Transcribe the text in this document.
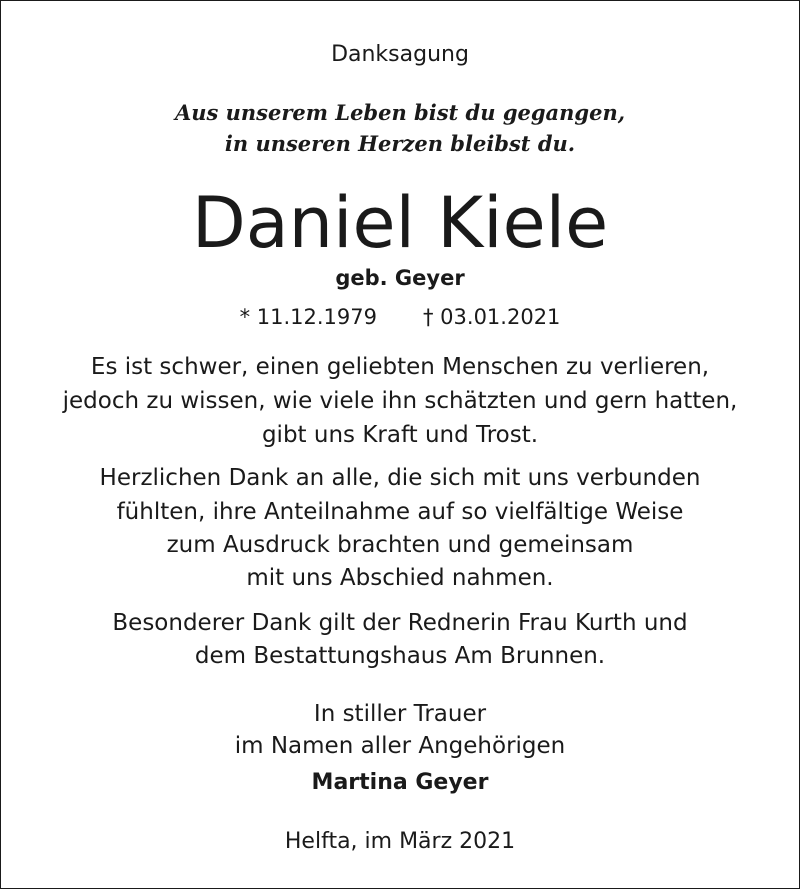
Danksagung
Aus unserem Leben bist du gegangen,
in unseren Herzen bleibst du.
Daniel Kiele
geb. Geyer
* 11.12.1979 † 03.01.2021
Es ist schwer, einen geliebten Menschen zu verlieren,
jedoch zu wissen, wie viele ihn schätzten und gern hatten,
gibt uns Kraft und Trost.
Herzlichen Dank an alle, die sich mit uns verbunden
fühlten, ihre Anteilnahme auf so vielfältige Weise
zum Ausdruck brachten und gemeinsam
mit uns Abschied nahmen.
Besonderer Dank gilt der Rednerin Frau Kurth und
dem Bestattungshaus Am Brunnen.
In stiller Trauer
im Namen aller Angehörigen
Martina Geyer
Helfta, im März 2021
